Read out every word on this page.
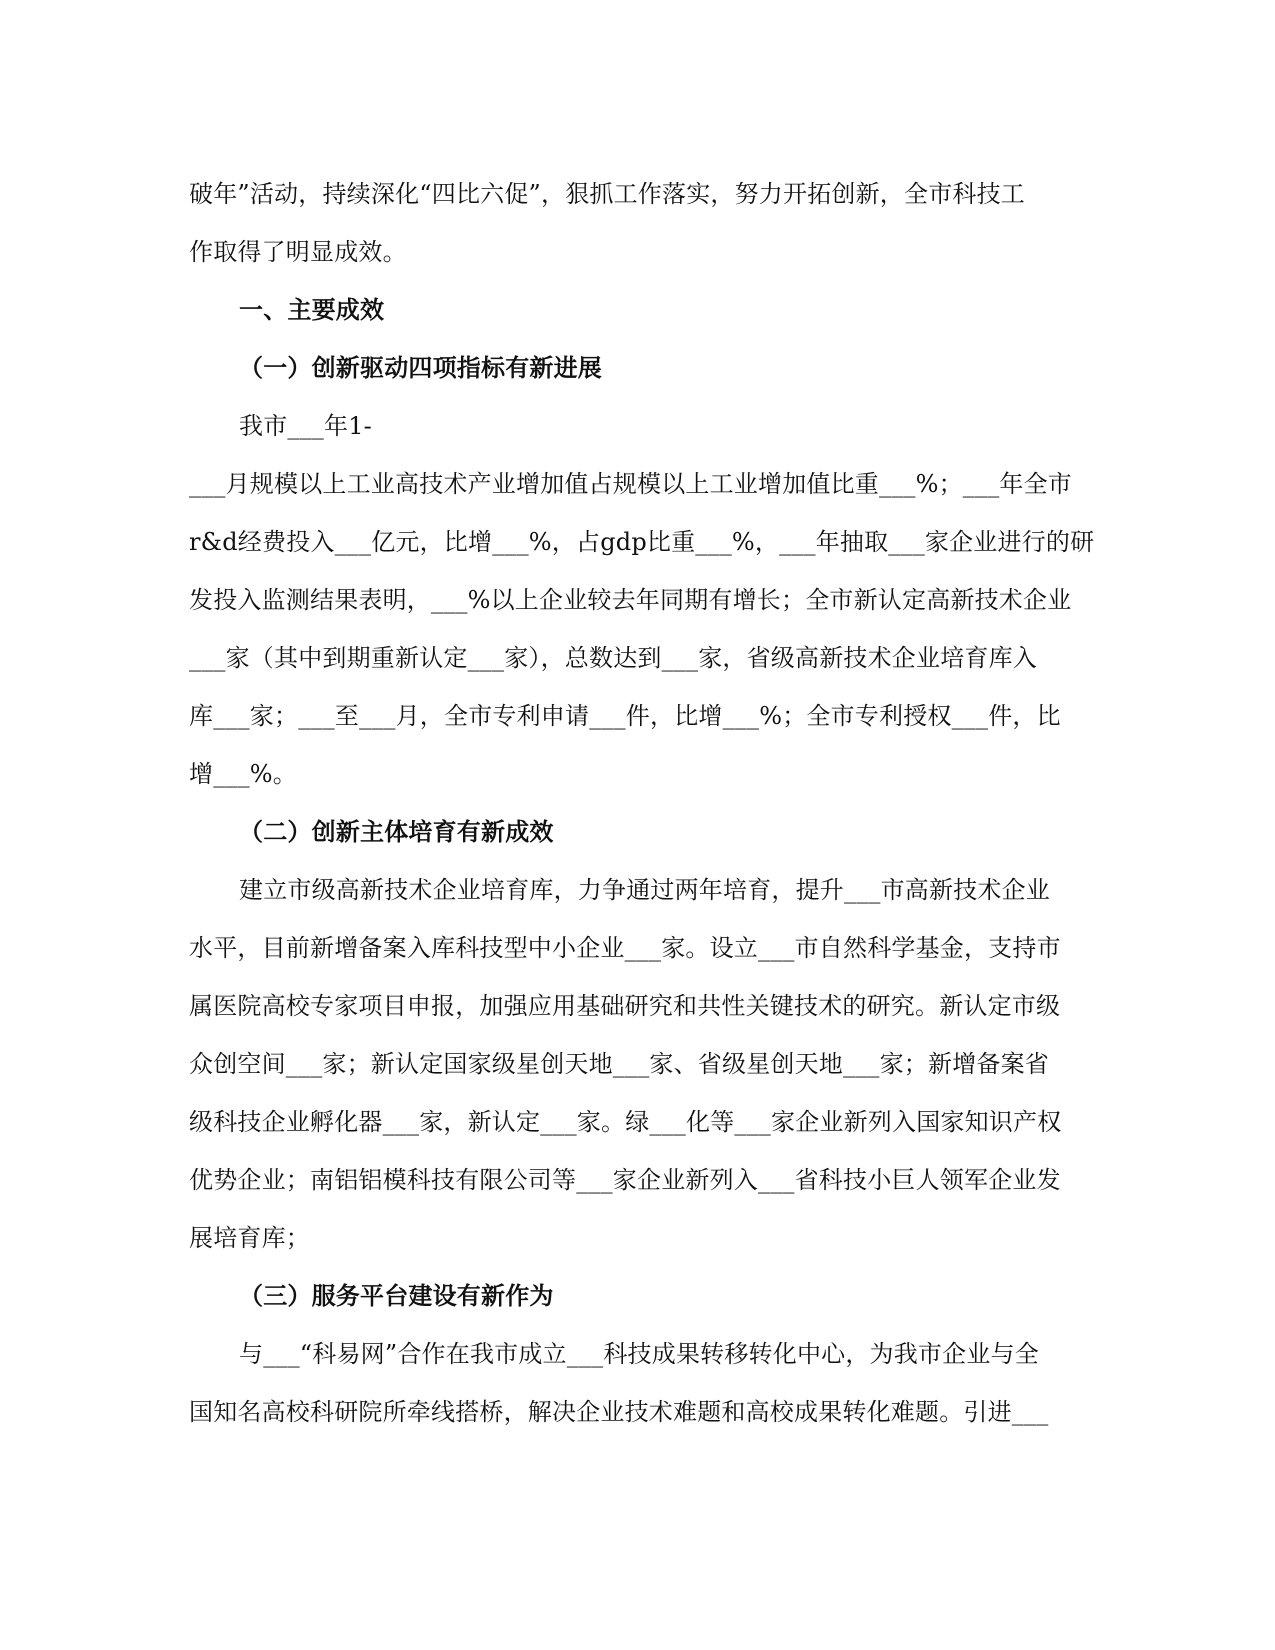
破年”活动，持续深化“四比六促”，狠抓工作落实，努力开拓创新，全市科技工
作取得了明显成效。
一、主要成效
（一）创新驱动四项指标有新进展
我市___年1-
___月规模以上工业高技术产业增加值占规模以上工业增加值比重___%；___年全市
r&d经费投入___亿元，比增___%，占gdp比重___%，___年抽取___家企业进行的研
发投入监测结果表明，___%以上企业较去年同期有增长；全市新认定高新技术企业
___家（其中到期重新认定___家），总数达到___家，省级高新技术企业培育库入
库___家；___至___月，全市专利申请___件，比增___%；全市专利授权___件，比
增___%。
（二）创新主体培育有新成效
建立市级高新技术企业培育库，力争通过两年培育，提升___市高新技术企业
水平，目前新增备案入库科技型中小企业___家。设立___市自然科学基金，支持市
属医院高校专家项目申报，加强应用基础研究和共性关键技术的研究。新认定市级
众创空间___家；新认定国家级星创天地___家、省级星创天地___家；新增备案省
级科技企业孵化器___家，新认定___家。绿___化等___家企业新列入国家知识产权
优势企业；南铝铝模科技有限公司等___家企业新列入___省科技小巨人领军企业发
展培育库；
（三）服务平台建设有新作为
与___“科易网”合作在我市成立___科技成果转移转化中心，为我市企业与全
国知名高校科研院所牵线搭桥，解决企业技术难题和高校成果转化难题。引进___
